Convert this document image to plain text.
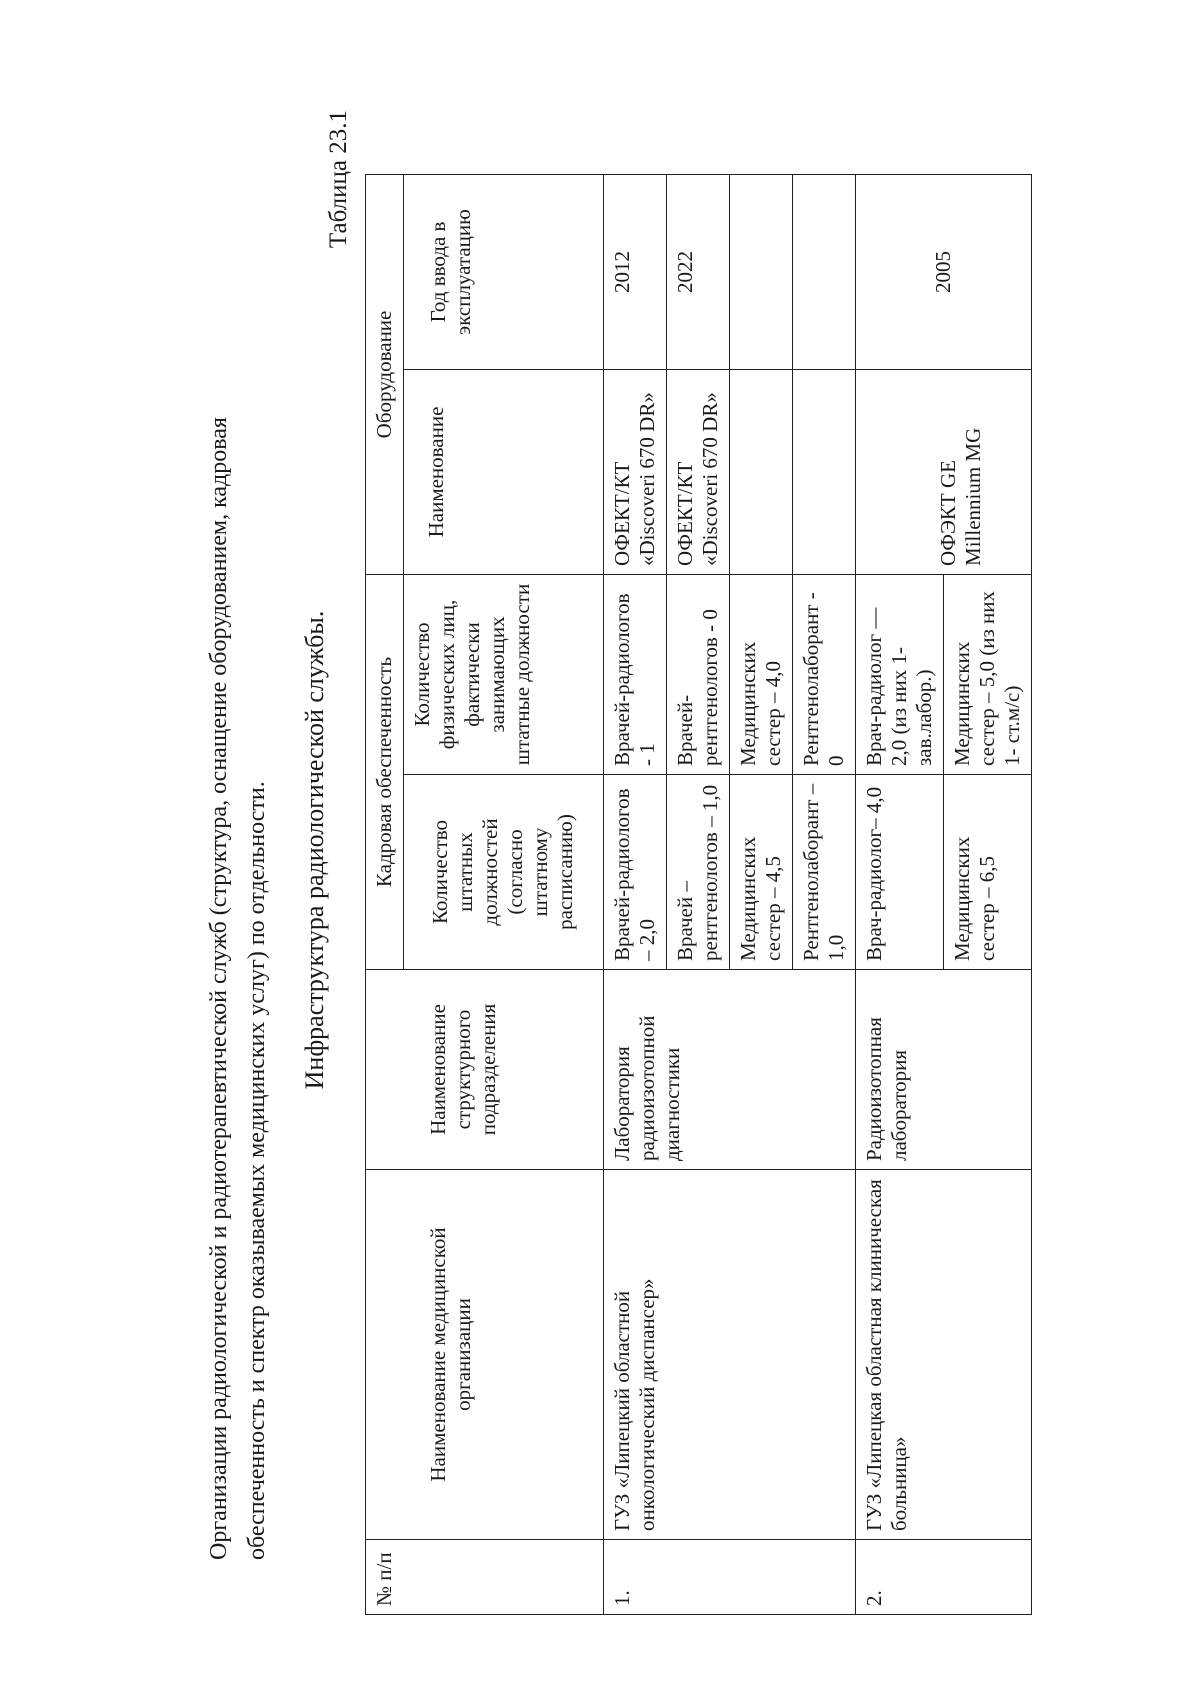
Организации радиологической и радиотерапевтической служб (структура, оснащение оборудованием, кадровая обеспеченность и спектр оказываемых медицинских услуг) по отдельности. Инфраструктура радиологической службы.
Таблица 23.1
№ п/п	Наименование медицинской организации	Наименование структурного подразделения	Кадровая обеспеченность		Оборудование	
			Количество штатных должностей (согласно штатному расписанию)	Количество физических лиц, фактически занимающих штатные должности	Наименование	Год ввода в эксплуатацию
1.	ГУЗ «Липецкий областной онкологический диспансер»	Лаборатория радиоизотопной диагностики	Врачей-радиологов – 2,0	Врачей-радиологов - 1	ОФЕКТ/КТ «Discoveri 670 DR»	2012
			Врачей – рентгенологов – 1,0	Врачей-рентгенологов - 0	ОФЕКТ/КТ «Discoveri 670 DR»	2022
			Медицинских сестер – 4,5	Медицинских сестер – 4,0		
			Рентгенолаборант – 1,0	Рентгенолаборант - 0		
2.	ГУЗ «Липецкая областная клиническая больница»	Радиоизотопная лаборатория	Врач-радиолог– 4,0	Врач-радиолог — 2,0 (из них 1- зав.лабор.)	ОФЭКТ GE Millennium MG	2005
			Медицинских сестер – 6,5	Медицинских сестер – 5,0 (из них 1- ст.м/с)		
